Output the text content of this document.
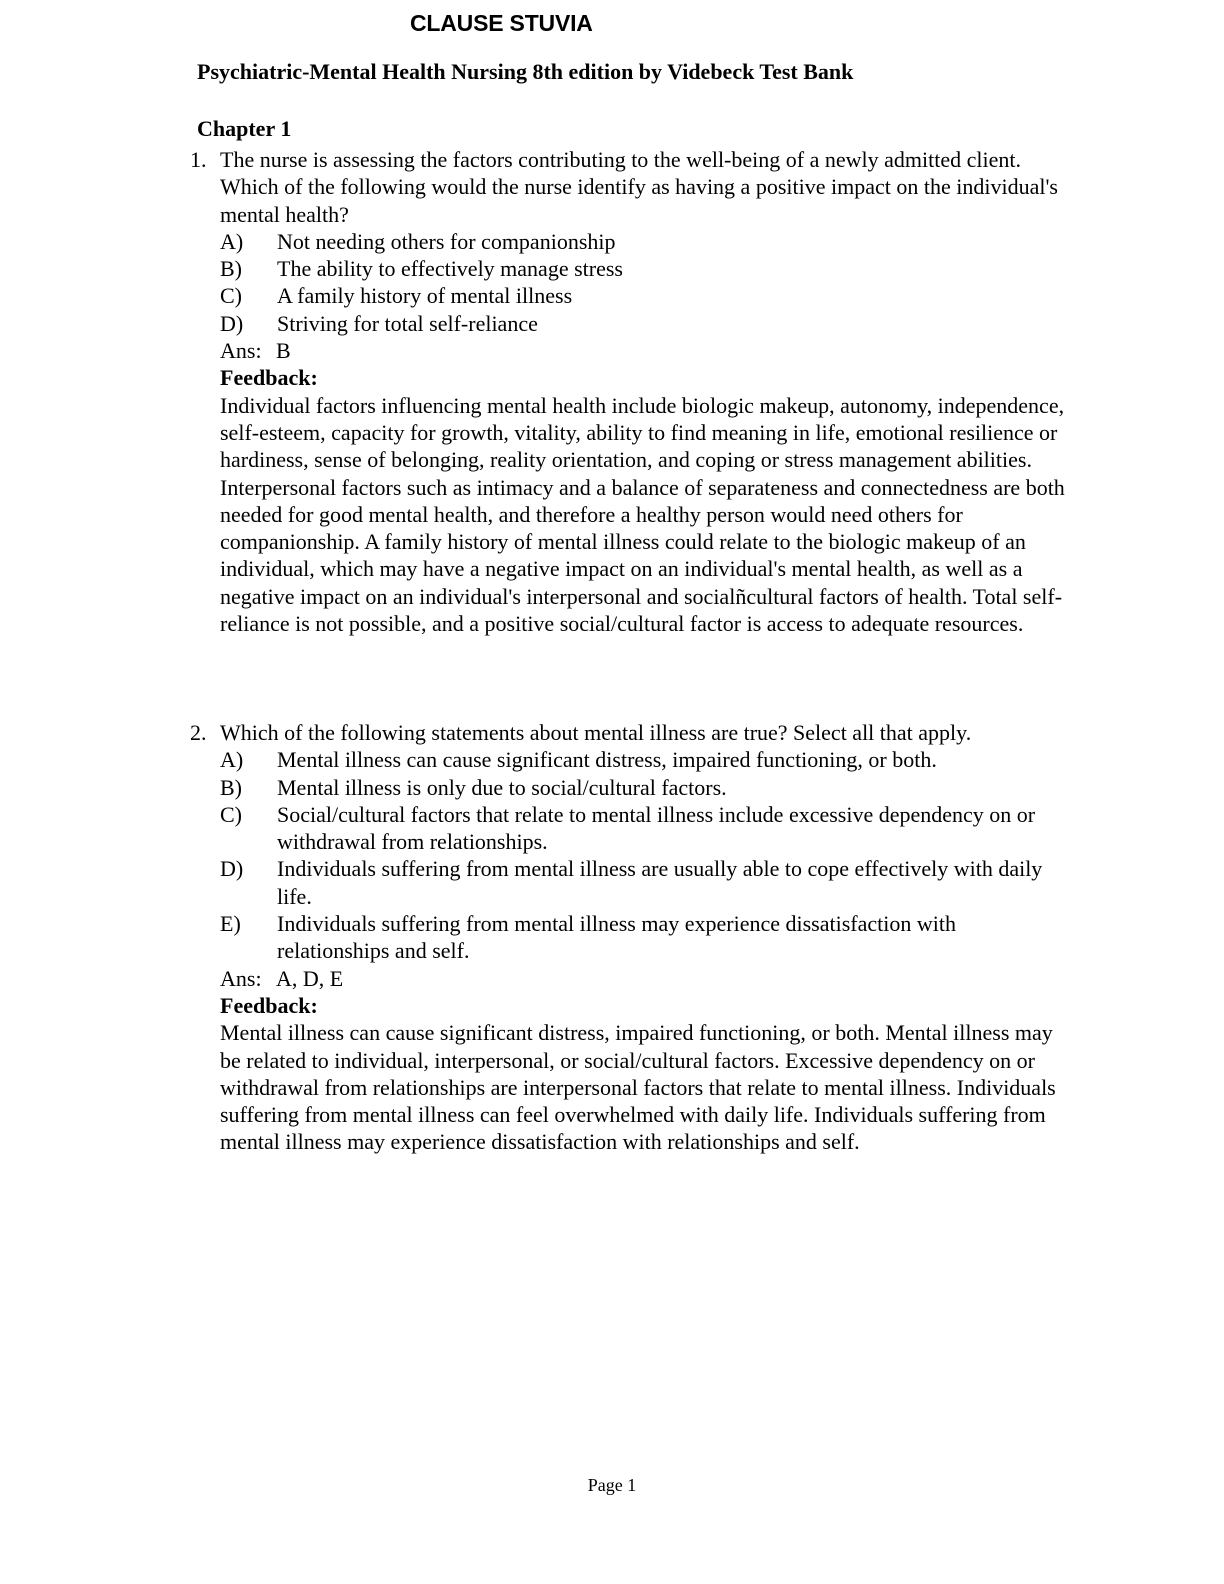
CLAUSE STUVIA
Psychiatric-Mental Health Nursing 8th edition by Videbeck Test Bank
Chapter 1
1. The nurse is assessing the factors contributing to the well-being of a newly admitted client. Which of the following would the nurse identify as having a positive impact on the individual's mental health?
A)	Not needing others for companionship
B)	The ability to effectively manage stress
C)	A family history of mental illness
D)	Striving for total self-reliance
Ans: B
Feedback:
Individual factors influencing mental health include biologic makeup, autonomy, independence, self-esteem, capacity for growth, vitality, ability to find meaning in life, emotional resilience or hardiness, sense of belonging, reality orientation, and coping or stress management abilities. Interpersonal factors such as intimacy and a balance of separateness and connectedness are both needed for good mental health, and therefore a healthy person would need others for companionship. A family history of mental illness could relate to the biologic makeup of an individual, which may have a negative impact on an individual's mental health, as well as a negative impact on an individual's interpersonal and socialñcultural factors of health. Total self-reliance is not possible, and a positive social/cultural factor is access to adequate resources.
2. Which of the following statements about mental illness are true? Select all that apply.
A)	Mental illness can cause significant distress, impaired functioning, or both.
B)	Mental illness is only due to social/cultural factors.
C)	Social/cultural factors that relate to mental illness include excessive dependency on or withdrawal from relationships.
D)	Individuals suffering from mental illness are usually able to cope effectively with daily life.
E)	Individuals suffering from mental illness may experience dissatisfaction with relationships and self.
Ans: A, D, E
Feedback:
Mental illness can cause significant distress, impaired functioning, or both. Mental illness may be related to individual, interpersonal, or social/cultural factors. Excessive dependency on or withdrawal from relationships are interpersonal factors that relate to mental illness. Individuals suffering from mental illness can feel overwhelmed with daily life. Individuals suffering from mental illness may experience dissatisfaction with relationships and self.
Page 1
